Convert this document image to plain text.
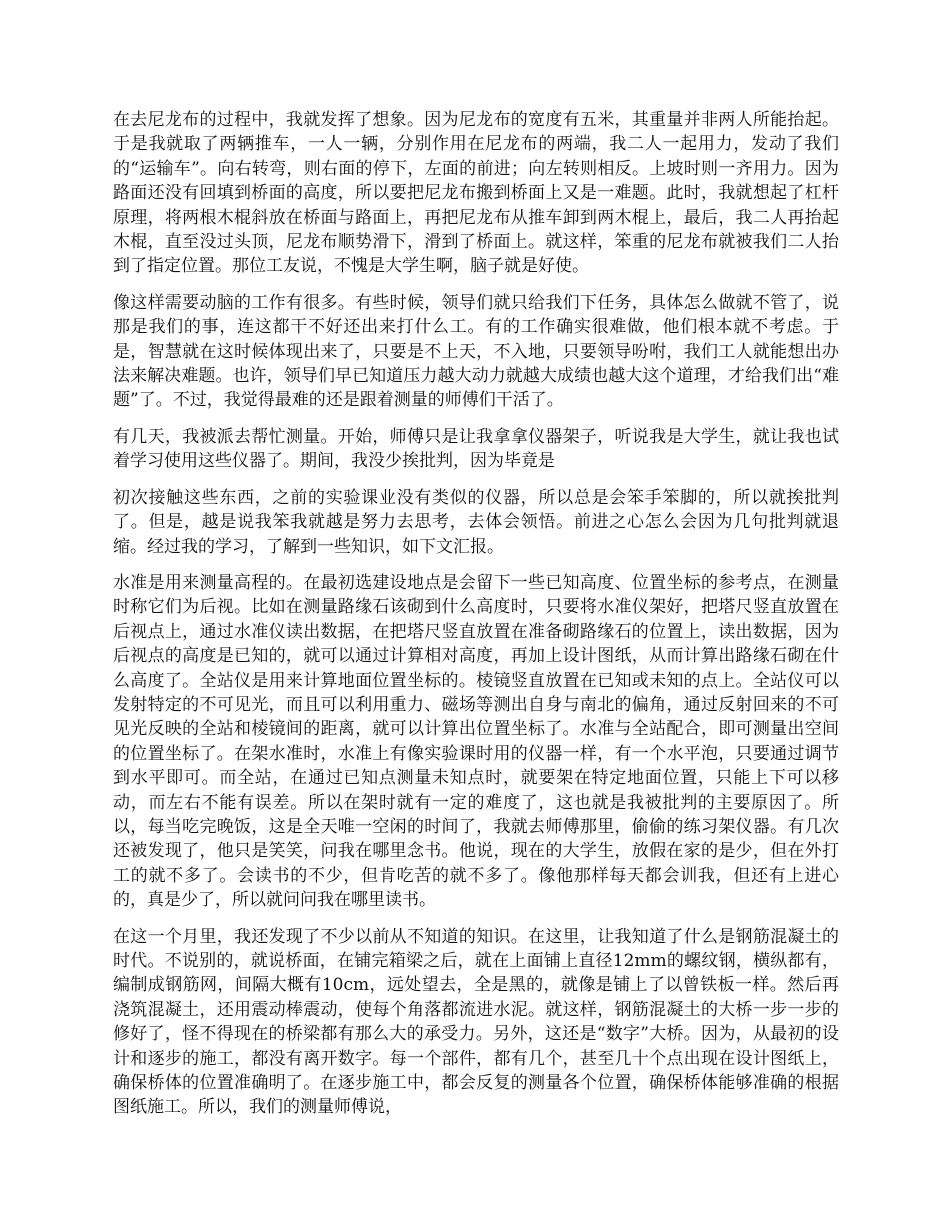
在去尼龙布的过程中，我就发挥了想象。因为尼龙布的宽度有五米，其重量并非两人所能抬起。于是我就取了两辆推车，一人一辆，分别作用在尼龙布的两端，我二人一起用力，发动了我们的“运输车”。向右转弯，则右面的停下，左面的前进；向左转则相反。上坡时则一齐用力。因为路面还没有回填到桥面的高度，所以要把尼龙布搬到桥面上又是一难题。此时，我就想起了杠杆原理，将两根木棍斜放在桥面与路面上，再把尼龙布从推车卸到两木棍上，最后，我二人再抬起木棍，直至没过头顶，尼龙布顺势滑下，滑到了桥面上。就这样，笨重的尼龙布就被我们二人抬到了指定位置。那位工友说，不愧是大学生啊，脑子就是好使。

像这样需要动脑的工作有很多。有些时候，领导们就只给我们下任务，具体怎么做就不管了，说那是我们的事，连这都干不好还出来打什么工。有的工作确实很难做，他们根本就不考虑。于是，智慧就在这时候体现出来了，只要是不上天，不入地，只要领导吩咐，我们工人就能想出办法来解决难题。也许，领导们早已知道压力越大动力就越大成绩也越大这个道理，才给我们出“难题”了。不过，我觉得最难的还是跟着测量的师傅们干活了。

有几天，我被派去帮忙测量。开始，师傅只是让我拿拿仪器架子，听说我是大学生，就让我也试着学习使用这些仪器了。期间，我没少挨批判，因为毕竟是

初次接触这些东西，之前的实验课业没有类似的仪器，所以总是会笨手笨脚的，所以就挨批判了。但是，越是说我笨我就越是努力去思考，去体会领悟。前进之心怎么会因为几句批判就退缩。经过我的学习，了解到一些知识，如下文汇报。

水准是用来测量高程的。在最初选建设地点是会留下一些已知高度、位置坐标的参考点，在测量时称它们为后视。比如在测量路缘石该砌到什么高度时，只要将水准仪架好，把塔尺竖直放置在后视点上，通过水准仪读出数据，在把塔尺竖直放置在准备砌路缘石的位置上，读出数据，因为后视点的高度是已知的，就可以通过计算相对高度，再加上设计图纸，从而计算出路缘石砌在什么高度了。全站仪是用来计算地面位置坐标的。棱镜竖直放置在已知或未知的点上。全站仪可以发射特定的不可见光，而且可以利用重力、磁场等测出自身与南北的偏角，通过反射回来的不可见光反映的全站和棱镜间的距离，就可以计算出位置坐标了。水准与全站配合，即可测量出空间的位置坐标了。在架水准时，水准上有像实验课时用的仪器一样，有一个水平泡，只要通过调节到水平即可。而全站，在通过已知点测量未知点时，就要架在特定地面位置，只能上下可以移动，而左右不能有误差。所以在架时就有一定的难度了，这也就是我被批判的主要原因了。所以，每当吃完晚饭，这是全天唯一空闲的时间了，我就去师傅那里，偷偷的练习架仪器。有几次还被发现了，他只是笑笑，问我在哪里念书。他说，现在的大学生，放假在家的是少，但在外打工的就不多了。会读书的不少，但肯吃苦的就不多了。像他那样每天都会训我，但还有上进心的，真是少了，所以就问问我在哪里读书。

在这一个月里，我还发现了不少以前从不知道的知识。在这里，让我知道了什么是钢筋混凝土的时代。不说别的，就说桥面，在铺完箱梁之后，就在上面铺上直径12mm的螺纹钢，横纵都有，编制成钢筋网，间隔大概有10cm，远处望去，全是黑的，就像是铺上了以曾铁板一样。然后再浇筑混凝土，还用震动棒震动，使每个角落都流进水泥。就这样，钢筋混凝土的大桥一步一步的修好了，怪不得现在的桥梁都有那么大的承受力。另外，这还是“数字”大桥。因为，从最初的设计和逐步的施工，都没有离开数字。每一个部件，都有几个，甚至几十个点出现在设计图纸上，确保桥体的位置准确明了。在逐步施工中，都会反复的测量各个位置，确保桥体能够准确的根据图纸施工。所以，我们的测量师傅说，
